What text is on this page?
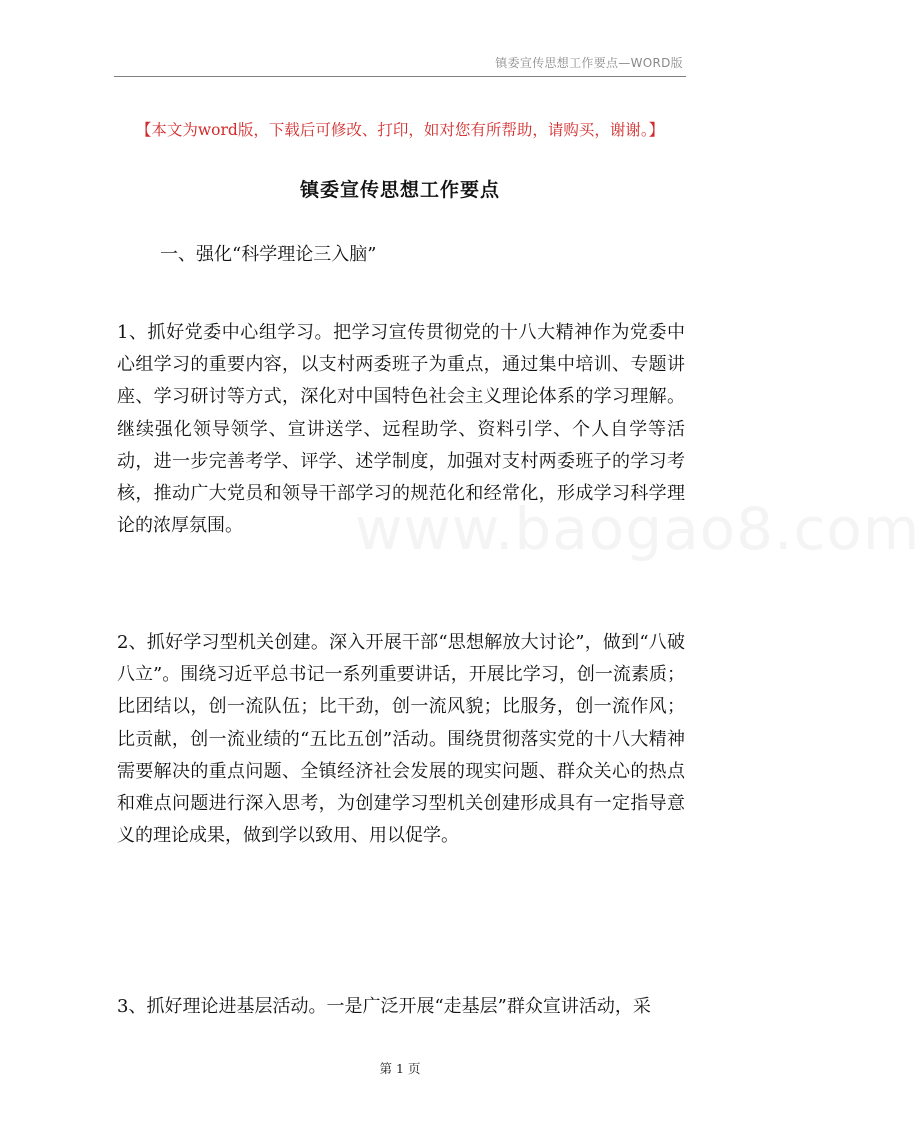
镇委宣传思想工作要点—WORD版
【本文为word版，下载后可修改、打印，如对您有所帮助，请购买，谢谢。】
镇委宣传思想工作要点
一、强化“科学理论三入脑”

1、抓好党委中心组学习。把学习宣传贯彻党的十八大精神作为党委中心组学习的重要内容，以支村两委班子为重点，通过集中培训、专题讲座、学习研讨等方式，深化对中国特色社会主义理论体系的学习理解。继续强化领导领学、宣讲送学、远程助学、资料引学、个人自学等活动，进一步完善考学、评学、述学制度，加强对支村两委班子的学习考核，推动广大党员和领导干部学习的规范化和经常化，形成学习科学理论的浓厚氛围。

2、抓好学习型机关创建。深入开展干部“思想解放大讨论”，做到“八破八立”。围绕习近平总书记一系列重要讲话，开展比学习，创一流素质；比团结以，创一流队伍；比干劲，创一流风貌；比服务，创一流作风；比贡献，创一流业绩的“五比五创”活动。围绕贯彻落实党的十八大精神需要解决的重点问题、全镇经济社会发展的现实问题、群众关心的热点和难点问题进行深入思考，为创建学习型机关创建形成具有一定指导意义的理论成果，做到学以致用、用以促学。

3、抓好理论进基层活动。一是广泛开展“走基层”群众宣讲活动，采

www.baogao8.com
第 1 页
